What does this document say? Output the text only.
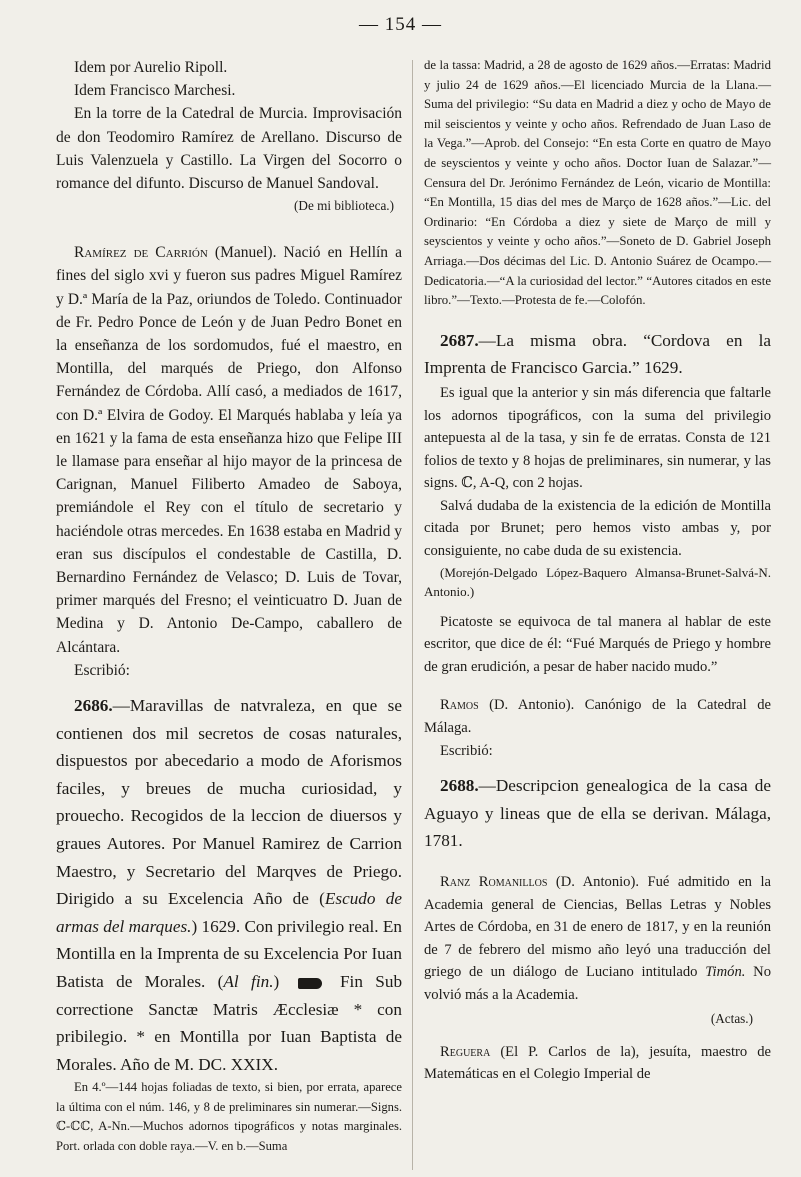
— 154 —

Idem por Aurelio Ripoll.

Idem Francisco Marchesi.

En la torre de la Catedral de Murcia. Improvisación de don Teodomiro Ramírez de Arellano. Discurso de Luis Valenzuela y Castillo. La Virgen del Socorro o romance del difunto. Discurso de Manuel Sandoval.

(De mi biblioteca.)

Ramírez de Carrión (Manuel). Nació en Hellín a fines del siglo xvi y fueron sus padres Miguel Ramírez y D.ª María de la Paz, oriundos de Toledo. Continuador de Fr. Pedro Ponce de León y de Juan Pedro Bonet en la enseñanza de los sordomudos, fué el maestro, en Montilla, del marqués de Priego, don Alfonso Fernández de Córdoba. Allí casó, a mediados de 1617, con D.ª Elvira de Godoy. El Marqués hablaba y leía ya en 1621 y la fama de esta enseñanza hizo que Felipe III le llamase para enseñar al hijo mayor de la princesa de Carignan, Manuel Filiberto Amadeo de Saboya, premiándole el Rey con el título de secretario y haciéndole otras mercedes. En 1638 estaba en Madrid y eran sus discípulos el condestable de Castilla, D. Bernardino Fernández de Velasco; D. Luis de Tovar, primer marqués del Fresno; el veinticuatro D. Juan de Medina y D. Antonio De-Campo, caballero de Alcántara.

Escribió:

2686.—Maravillas de natvraleza, en que se contienen dos mil secretos de cosas naturales, dispuestos por abecedario a modo de Aforismos faciles, y breues de mucha curiosidad, y prouecho. Recogidos de la leccion de diuersos y graues Autores. Por Manuel Ramirez de Carrion Maestro, y Secretario del Marqves de Priego. Dirigido a su Excelencia Año de (Escudo de armas del marques.) 1629. Con privilegio real. En Montilla en la Imprenta de su Excelencia Por Iuan Batista de Morales. (Al fin.)	Fin Sub correctione Sanctæ Matris Æcclesiæ * con pribilegio. * en Montilla por Iuan Baptista de Morales. Año de M. DC. XXIX.

En 4.º—144 hojas foliadas de texto, si bien, por errata, aparece la última con el núm. 146, y 8 de preliminares sin numerar.—Signs. ℂ-ℂℂ, A-Nn.—Muchos adornos tipográficos y notas marginales. Port. orlada con doble raya.—V. en b.—Suma

de la tassa: Madrid, a 28 de agosto de 1629 años.—Erratas: Madrid y julio 24 de 1629 años.—El licenciado Murcia de la Llana.—Suma del privilegio: “Su data en Madrid a diez y ocho de Mayo de mil seiscientos y veinte y ocho años. Refrendado de Juan Laso de la Vega.”—Aprob. del Consejo: “En esta Corte en quatro de Mayo de seyscientos y veinte y ocho años. Doctor Iuan de Salazar.”—Censura del Dr. Jerónimo Fernández de León, vicario de Montilla: “En Montilla, 15 dias del mes de Março de 1628 años.”—Lic. del Ordinario: “En Córdoba a diez y siete de Março de mill y seyscientos y veinte y ocho años.”—Soneto de D. Gabriel Joseph Arriaga.—Dos décimas del Lic. D. Antonio Suárez de Ocampo.—Dedicatoria.—“A la curiosidad del lector.” “Autores citados en este libro.”—Texto.—Protesta de fe.—Colofón.

2687.—La misma obra. “Cordova en la Imprenta de Francisco Garcia.” 1629.

Es igual que la anterior y sin más diferencia que faltarle los adornos tipográficos, con la suma del privilegio antepuesta al de la tasa, y sin fe de erratas. Consta de 121 folios de texto y 8 hojas de preliminares, sin numerar, y las signs. ℂ, A-Q, con 2 hojas.

Salvá dudaba de la existencia de la edición de Montilla citada por Brunet; pero hemos visto ambas y, por consiguiente, no cabe duda de su existencia.

(Morejón-Delgado López-Baquero Almansa-Brunet-Salvá-N. Antonio.)

Picatoste se equivoca de tal manera al hablar de este escritor, que dice de él: “Fué Marqués de Priego y hombre de gran erudición, a pesar de haber nacido mudo.”

Ramos (D. Antonio). Canónigo de la Catedral de Málaga.

Escribió:

2688.—Descripcion genealogica de la casa de Aguayo y lineas que de ella se derivan. Málaga, 1781.

Ranz Romanillos (D. Antonio). Fué admitido en la Academia general de Ciencias, Bellas Letras y Nobles Artes de Córdoba, en 31 de enero de 1817, y en la reunión de 7 de febrero del mismo año leyó una traducción del griego de un diálogo de Luciano intitulado Timón. No volvió más a la Academia.

(Actas.)

Reguera (El P. Carlos de la), jesuíta, maestro de Matemáticas en el Colegio Imperial de
